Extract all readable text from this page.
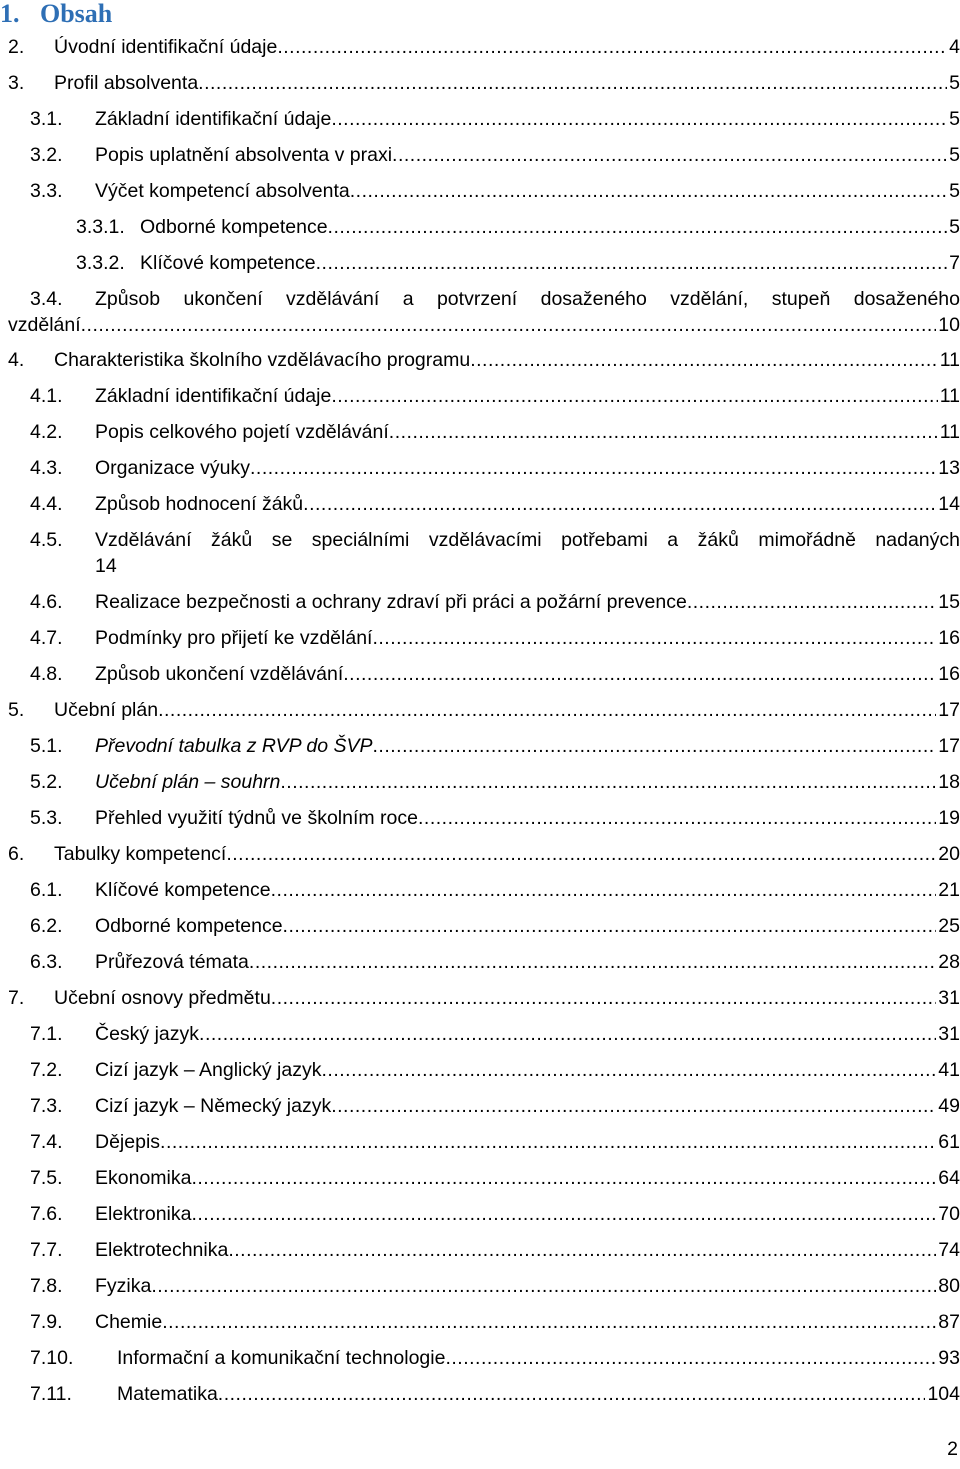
1. Obsah
2. Úvodní identifikační údaje .....	4
3. Profil absolventa .....	5
3.1. Základní identifikační údaje .....	5
3.2. Popis uplatnění absolventa v praxi .....	5
3.3. Výčet kompetencí absolventa .....	5
3.3.1. Odborné kompetence .....	5
3.3.2. Klíčové kompetence .....	7
3.4. Způsob ukončení vzdělávání a potvrzení dosaženého vzdělání, stupeň dosaženého
vzdělání .....	10
4. Charakteristika školního vzdělávacího programu .....	11
4.1. Základní identifikační údaje .....	11
4.2. Popis celkového pojetí vzdělávání .....	11
4.3. Organizace výuky .....	13
4.4. Způsob hodnocení žáků .....	14
4.5. Vzdělávání žáků se speciálními vzdělávacími potřebami a žáků mimořádně nadaných
14
4.6. Realizace bezpečnosti a ochrany zdraví při práci a požární prevence .....	15
4.7. Podmínky pro přijetí ke vzdělání .....	16
4.8. Způsob ukončení vzdělávání .....	16
5. Učební plán .....	17
5.1. Převodní tabulka z RVP do ŠVP .....	17
5.2. Učební plán – souhrn .....	18
5.3. Přehled využití týdnů ve školním roce .....	19
6. Tabulky kompetencí .....	20
6.1. Klíčové kompetence .....	21
6.2. Odborné kompetence .....	25
6.3. Průřezová témata .....	28
7. Učební osnovy předmětu .....	31
7.1. Český jazyk .....	31
7.2. Cizí jazyk – Anglický jazyk .....	41
7.3. Cizí jazyk – Německý jazyk .....	49
7.4. Dějepis .....	61
7.5. Ekonomika .....	64
7.6. Elektronika .....	70
7.7. Elektrotechnika .....	74
7.8. Fyzika .....	80
7.9. Chemie .....	87
7.10. Informační a komunikační technologie .....	93
7.11. Matematika .....	104
2
